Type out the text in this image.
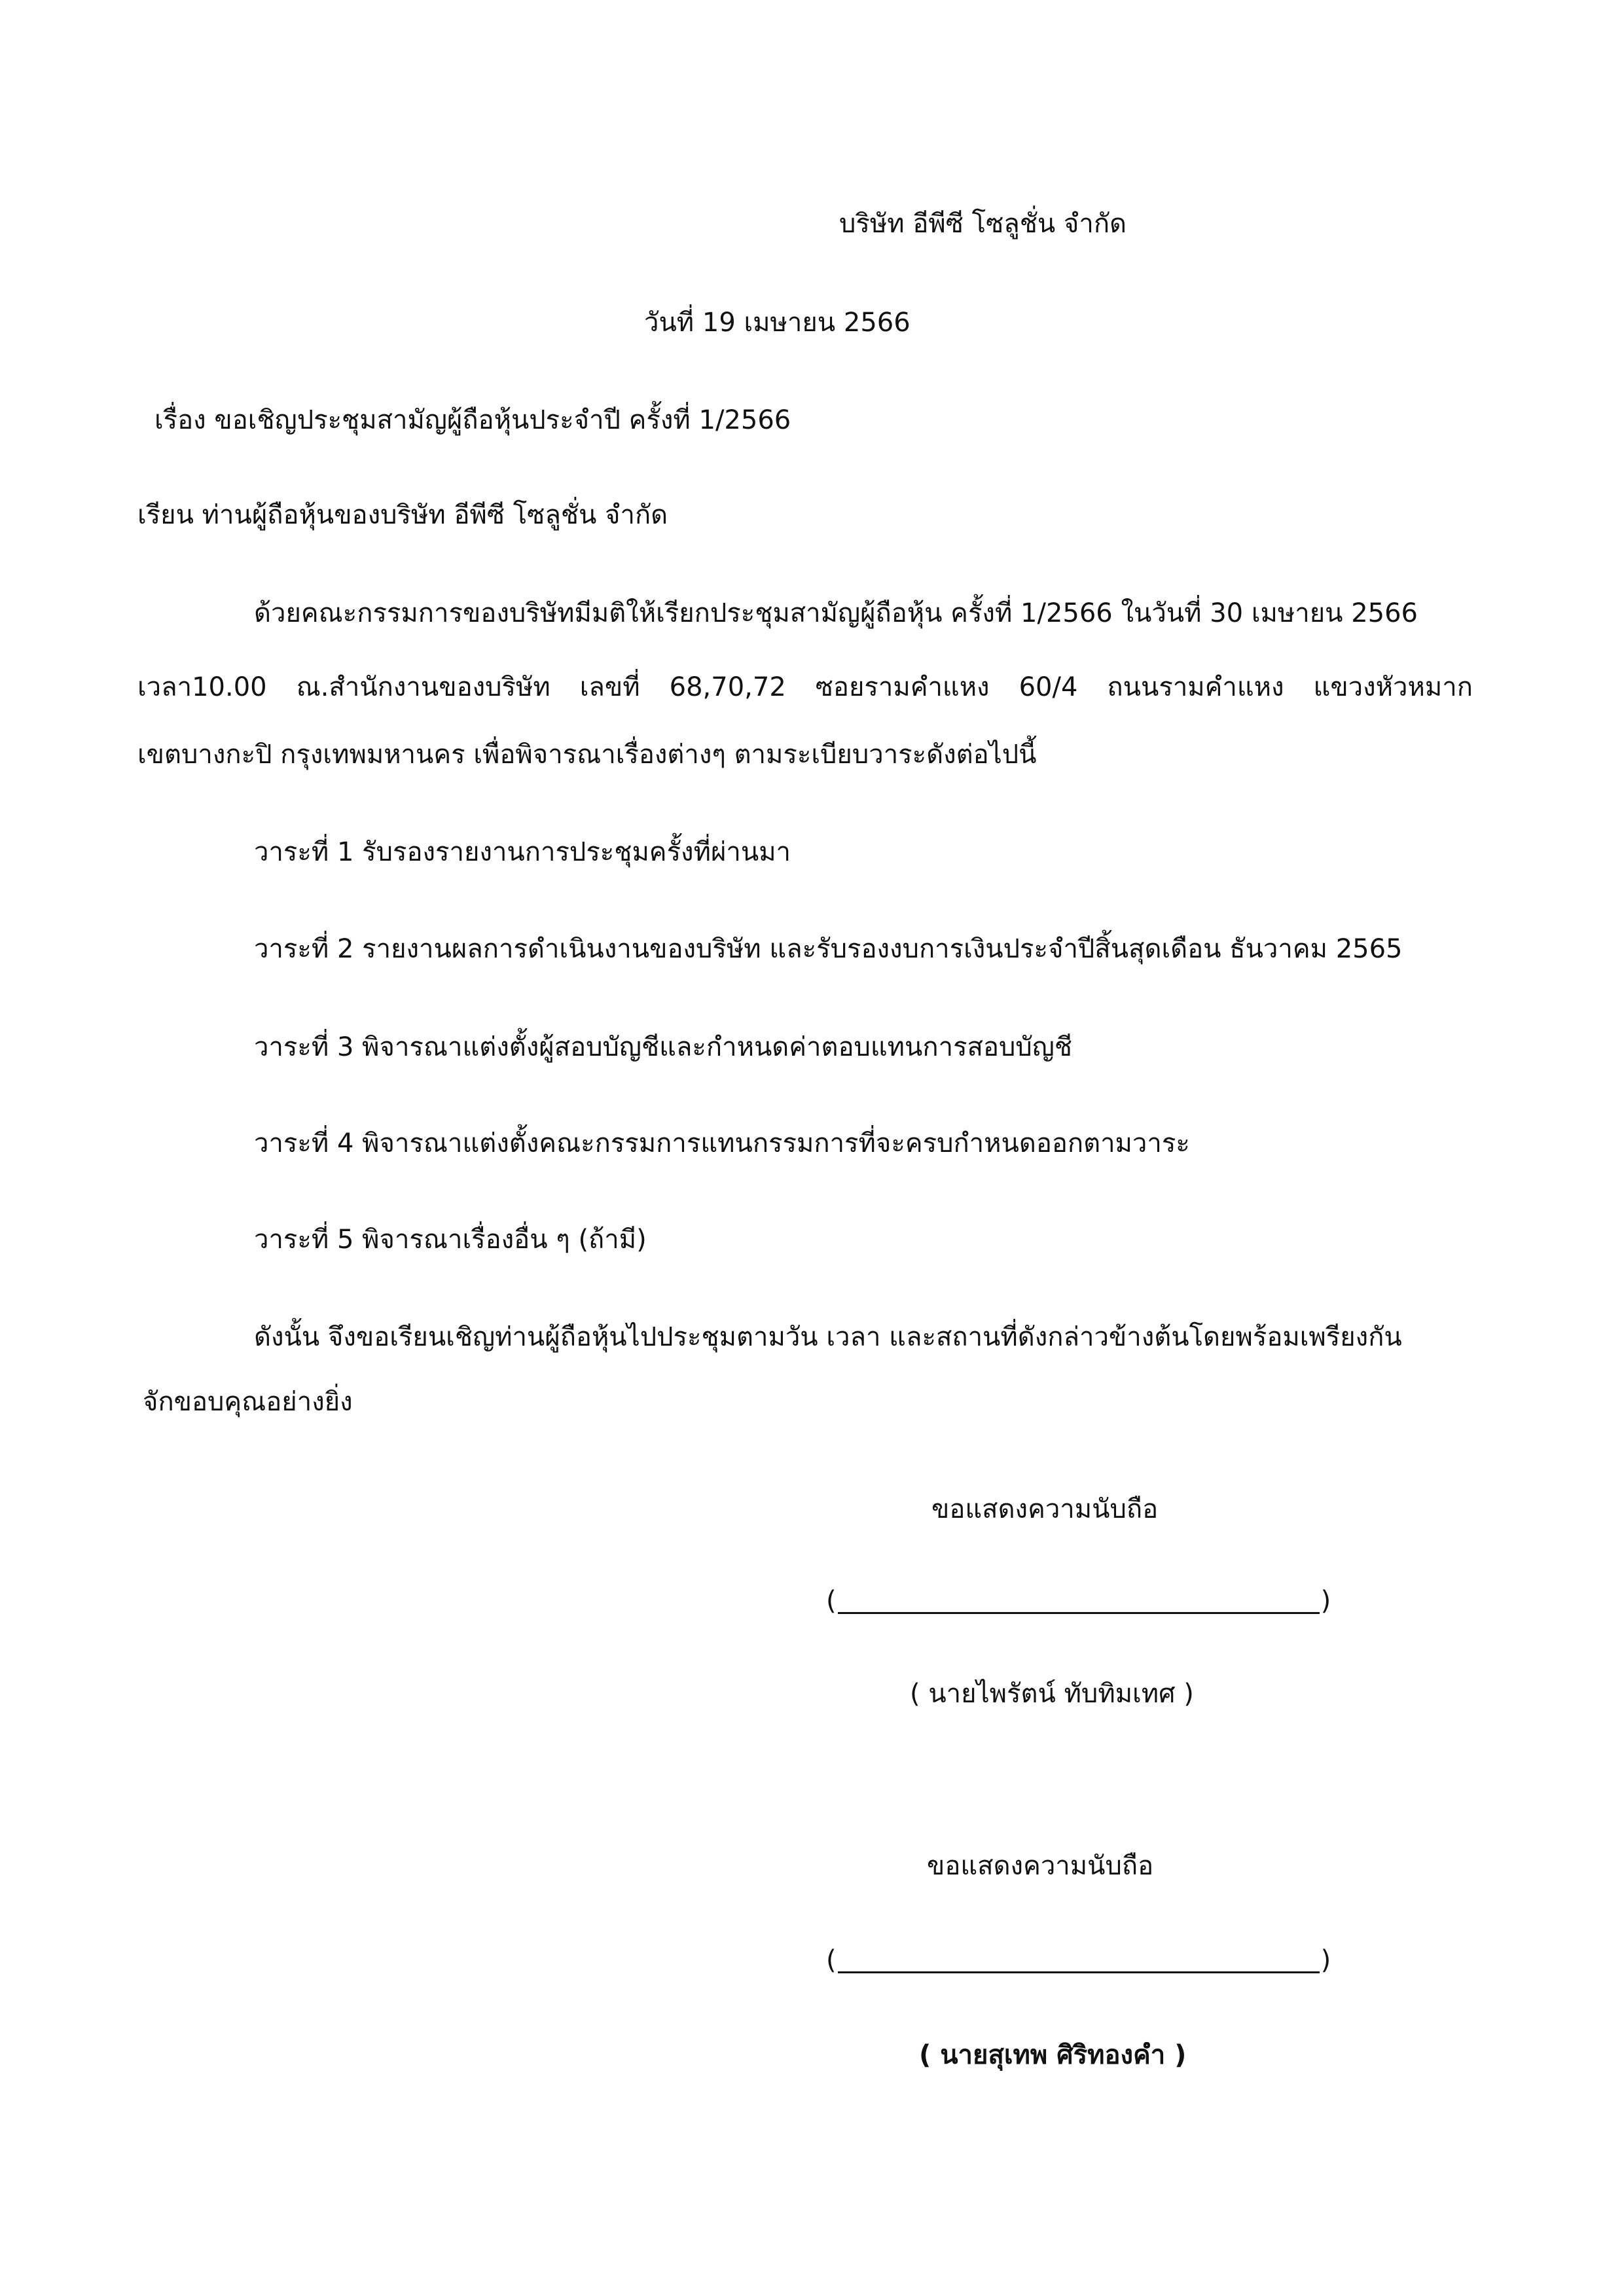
บริษัท อีพีซี โซลูชั่น จำกัด
วันที่ 19 เมษายน 2566
เรื่อง ขอเชิญประชุมสามัญผู้ถือหุ้นประจำปี ครั้งที่ 1/2566
เรียน ท่านผู้ถือหุ้นของบริษัท อีพีซี โซลูชั่น จำกัด
ด้วยคณะกรรมการของบริษัทมีมติให้เรียกประชุมสามัญผู้ถือหุ้น ครั้งที่ 1/2566 ในวันที่ 30 เมษายน 2566
เวลา10.00 ณ.สำนักงานของบริษัท เลขที่ 68,70,72 ซอยรามคำแหง 60/4 ถนนรามคำแหง แขวงหัวหมาก
เขตบางกะปิ กรุงเทพมหานคร เพื่อพิจารณาเรื่องต่างๆ ตามระเบียบวาระดังต่อไปนี้
วาระที่ 1 รับรองรายงานการประชุมครั้งที่ผ่านมา
วาระที่ 2 รายงานผลการดำเนินงานของบริษัท และรับรองงบการเงินประจำปีสิ้นสุดเดือน ธันวาคม 2565
วาระที่ 3 พิจารณาแต่งตั้งผู้สอบบัญชีและกำหนดค่าตอบแทนการสอบบัญชี
วาระที่ 4 พิจารณาแต่งตั้งคณะกรรมการแทนกรรมการที่จะครบกำหนดออกตามวาระ
วาระที่ 5 พิจารณาเรื่องอื่น ๆ (ถ้ามี)
ดังนั้น จึงขอเรียนเชิญท่านผู้ถือหุ้นไปประชุมตามวัน เวลา และสถานที่ดังกล่าวข้างต้นโดยพร้อมเพรียงกัน
จักขอบคุณอย่างยิ่ง
ขอแสดงความนับถือ
(	)
( นายไพรัตน์ ทับทิมเทศ )
ขอแสดงความนับถือ
(	)
( นายสุเทพ ศิริทองคำ )
